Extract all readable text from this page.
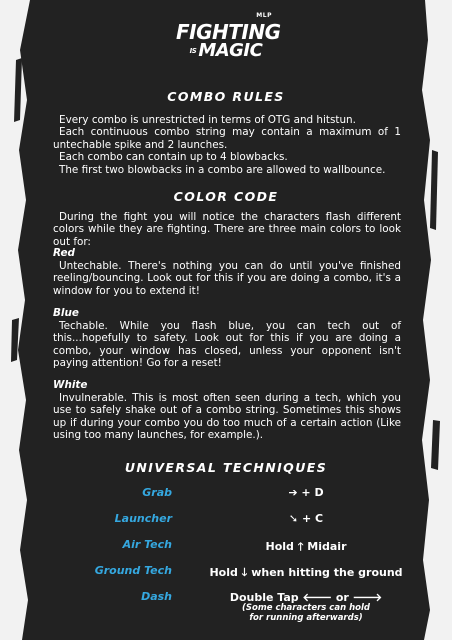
MLP
FIGHTING
IS MAGIC
COMBO RULES

Every combo is unrestricted in terms of OTG and hitstun.

Each continuous combo string may contain a maximum of 1 untechable spike and 2 launches.

Each combo can contain up to 4 blowbacks.

The first two blowbacks in a combo are allowed to wallbounce.

COLOR CODE

During the fight you will notice the characters flash different colors while they are fighting. There are three main colors to look out for:

Red

Untechable. There's nothing you can do until you've finished reeling/bouncing. Look out for this if you are doing a combo, it's a window for you to extend it!

Blue

Techable. While you flash blue, you can tech out of this...hopefully to safety. Look out for this if you are doing a combo, your window has closed, unless your opponent isn't paying attention! Go for a reset!

White

Invulnerable. This is most often seen during a tech, which you use to safely shake out of a combo string. Sometimes this shows up if during your combo you do too much of a certain action (Like using too many launches, for example.).

UNIVERSAL TECHNIQUES
Grab	➔ + D
Launcher	➘ + C
Air Tech	Hold 🡑 Midair
Ground Tech	Hold 🡓 when hitting the ground
Dash	Double Tap 🡐 or 🡒
(Some characters can hold
for running afterwards)
